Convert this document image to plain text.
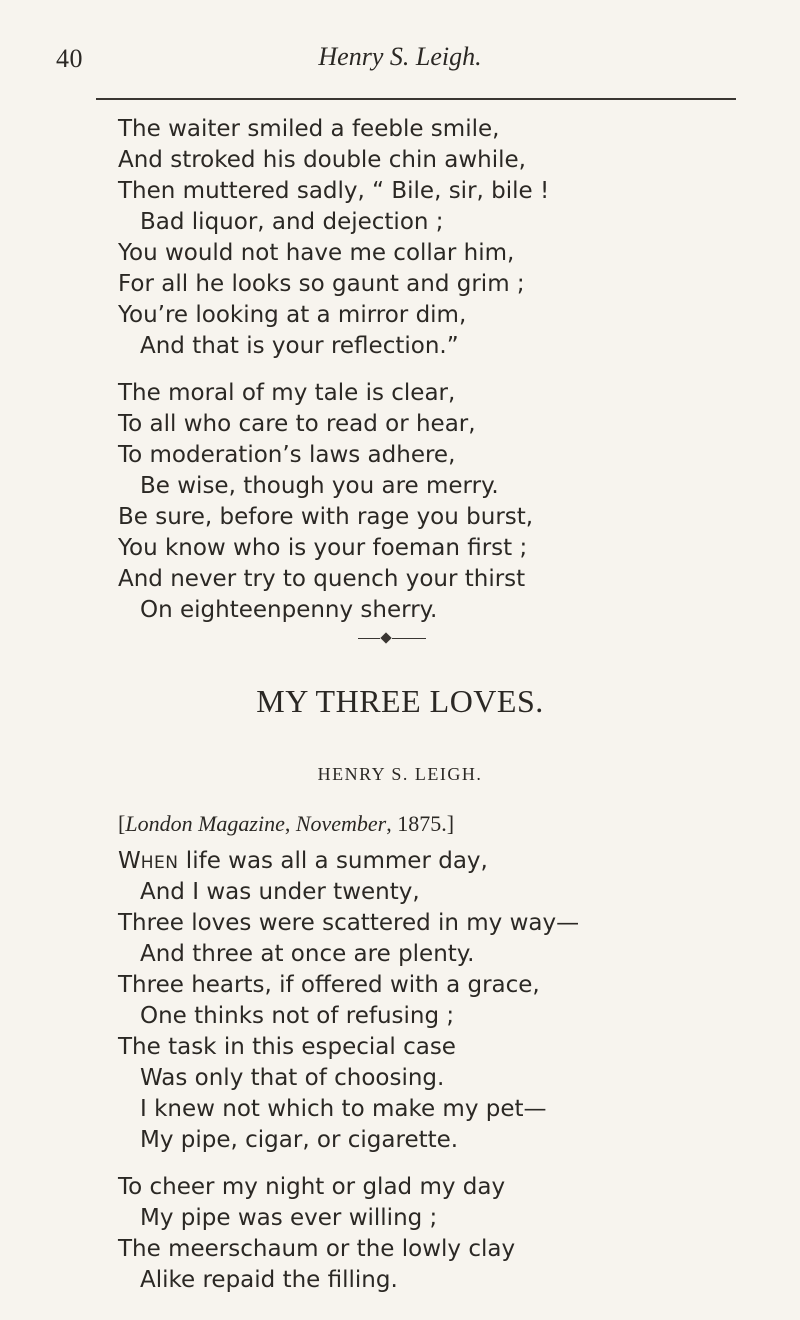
40	Henry S. Leigh.
The waiter smiled a feeble smile,
And stroked his double chin awhile,
Then muttered sadly, “ Bile, sir, bile !
Bad liquor, and dejection ;
You would not have me collar him,
For all he looks so gaunt and grim ;
You’re looking at a mirror dim,
And that is your reflection.”
The moral of my tale is clear,
To all who care to read or hear,
To moderation’s laws adhere,
Be wise, though you are merry.
Be sure, before with rage you burst,
You know who is your foeman first ;
And never try to quench your thirst
On eighteenpenny sherry.
MY THREE LOVES.
HENRY S. LEIGH.
[London Magazine, November, 1875.]
WHEN life was all a summer day,
And I was under twenty,
Three loves were scattered in my way—
And three at once are plenty.
Three hearts, if offered with a grace,
One thinks not of refusing ;
The task in this especial case
Was only that of choosing.
I knew not which to make my pet—
My pipe, cigar, or cigarette.
To cheer my night or glad my day
My pipe was ever willing ;
The meerschaum or the lowly clay
Alike repaid the filling.
